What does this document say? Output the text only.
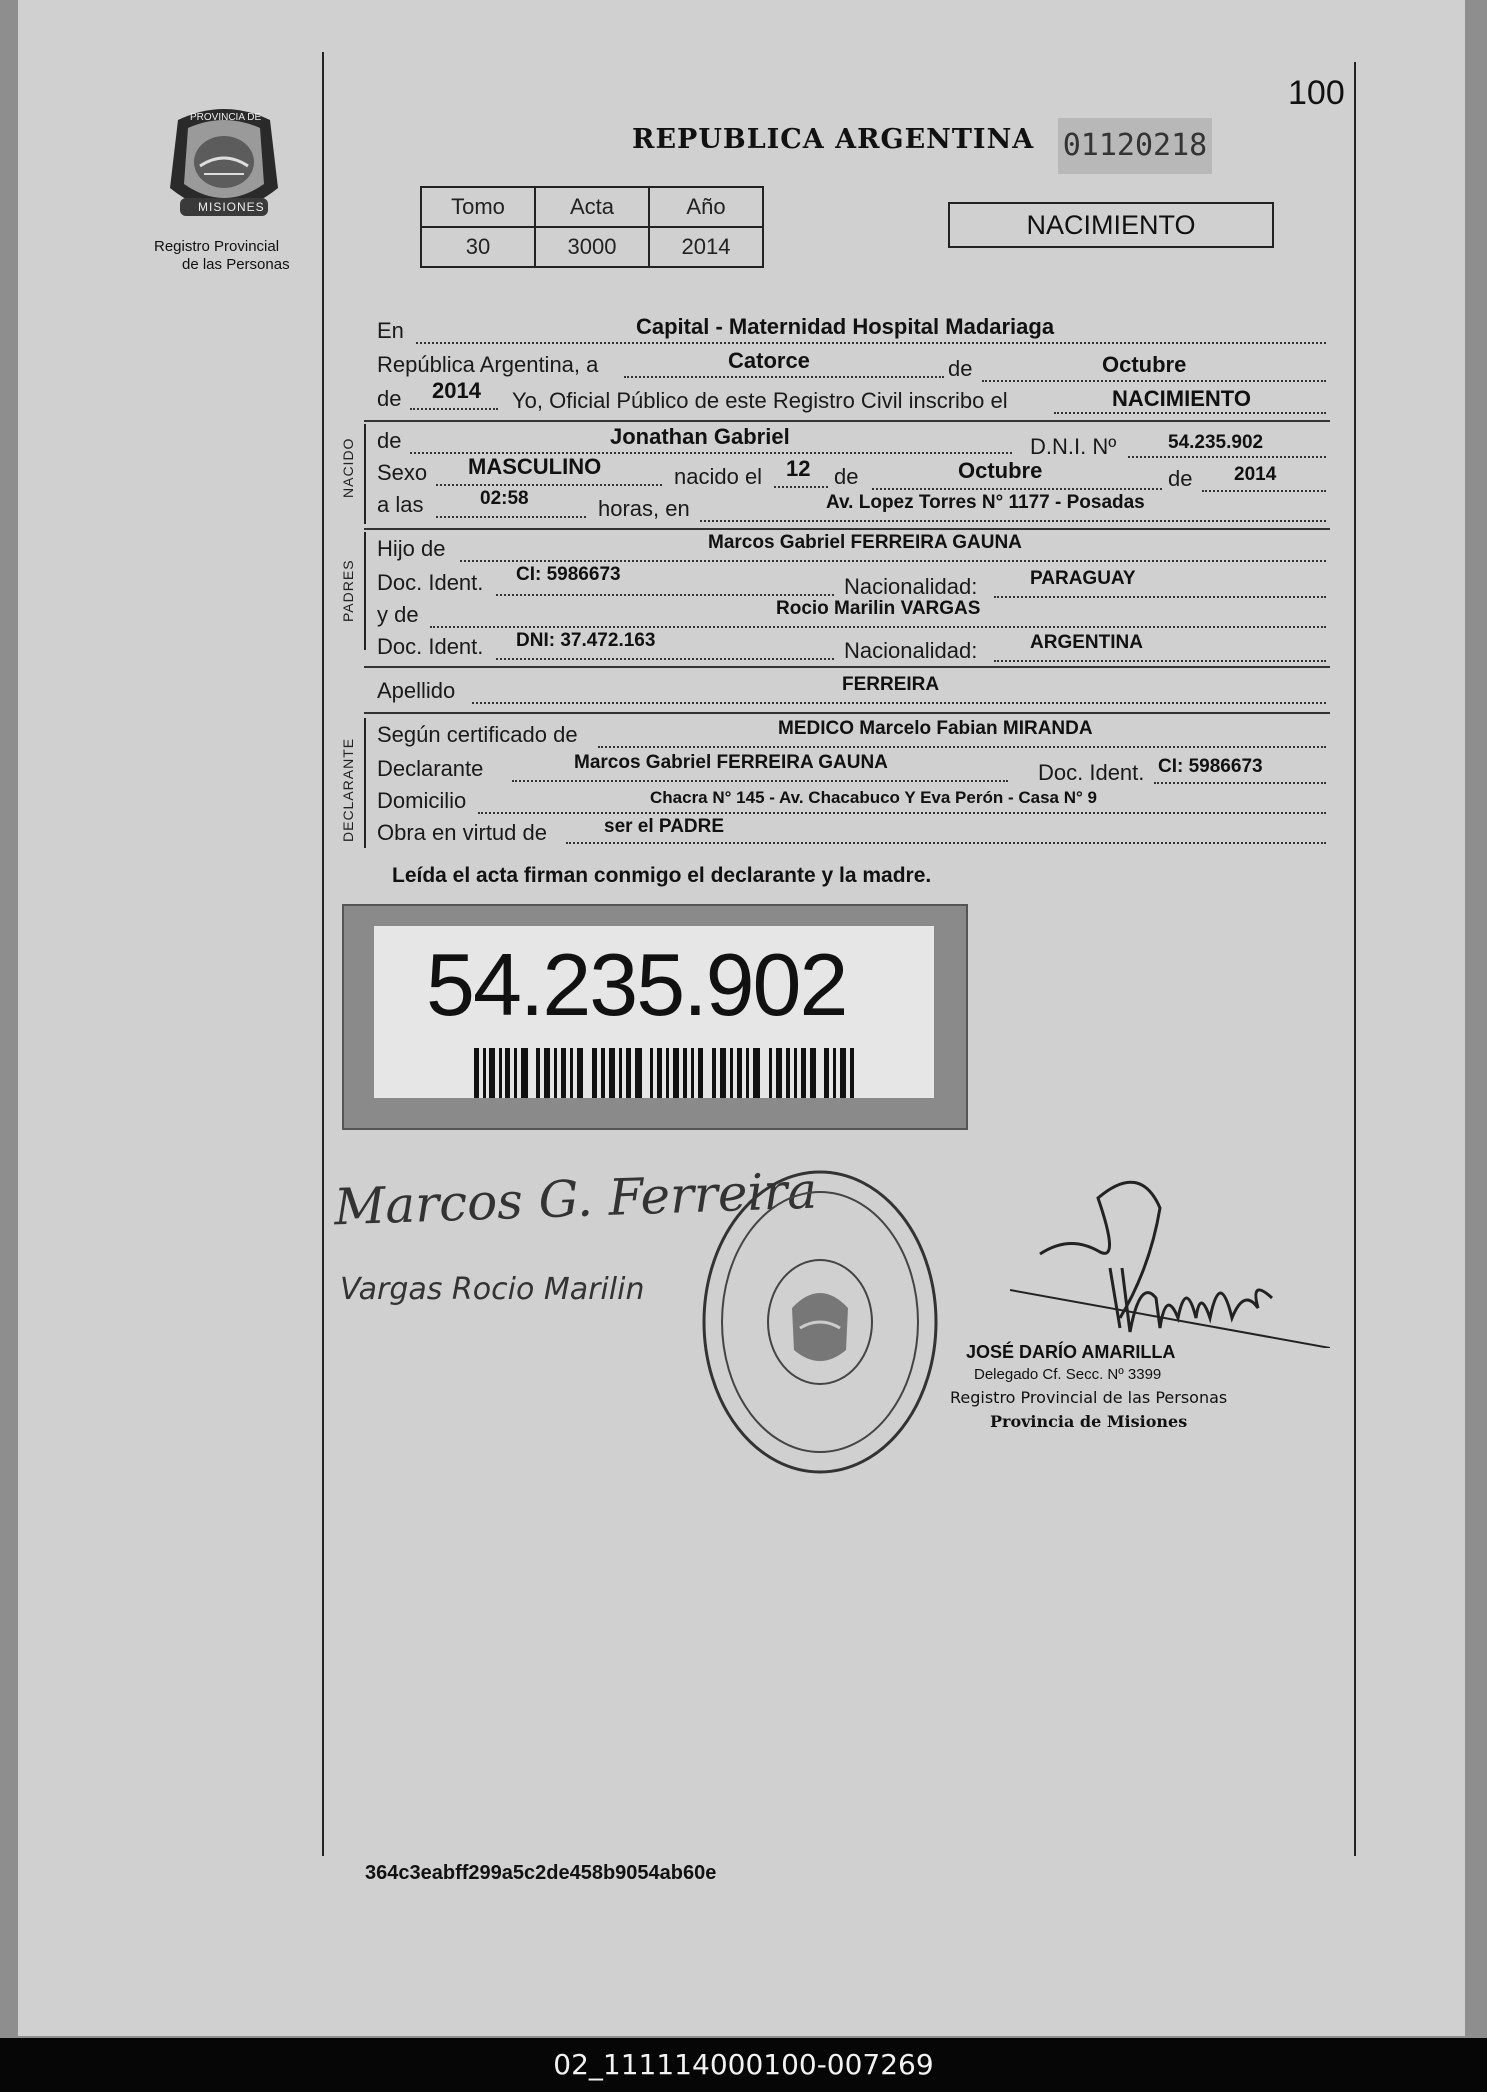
100
PROVINCIA DE
MISIONES
Registro Provincial
de las Personas
REPUBLICA ARGENTINA 01120218
Tomo	Acta	Año
30	3000	2014
NACIMIENTO
En	Capital - Maternidad Hospital Madariaga
República Argentina, a	Catorce	de	Octubre
de 2014 Yo, Oficial Público de este Registro Civil inscribo el	NACIMIENTO
NACIDO de	Jonathan Gabriel	D.N.I. Nº	54.235.902
Sexo MASCULINO	nacido el 12 de	Octubre	de 2014
a las	02:58	horas, en	Av. Lopez Torres N° 1177 - Posadas
PADRES
Hijo de	Marcos Gabriel FERREIRA GAUNA
Doc. Ident. CI: 5986673	Nacionalidad:	PARAGUAY
y de	Rocio Marilin VARGAS
Doc. Ident. DNI: 37.472.163	Nacionalidad:	ARGENTINA
Apellido	FERREIRA
DECLARANTE
Según certificado de	MEDICO Marcelo Fabian MIRANDA
Declarante	Marcos Gabriel FERREIRA GAUNA	Doc. Ident. CI: 5986673
Domicilio	Chacra N° 145 - Av. Chacabuco Y Eva Perón - Casa N° 9
Obra en virtud de	ser el PADRE
Leída el acta firman conmigo el declarante y la madre.
54.235.902
Marcos G. Ferreira
Vargas Rocio Marilin
JOSÉ DARÍO AMARILLA
Delegado Cf. Secc. Nº 3399
Registro Provincial de las Personas
Provincia de Misiones
364c3eabff299a5c2de458b9054ab60e
02_111114000100-007269
